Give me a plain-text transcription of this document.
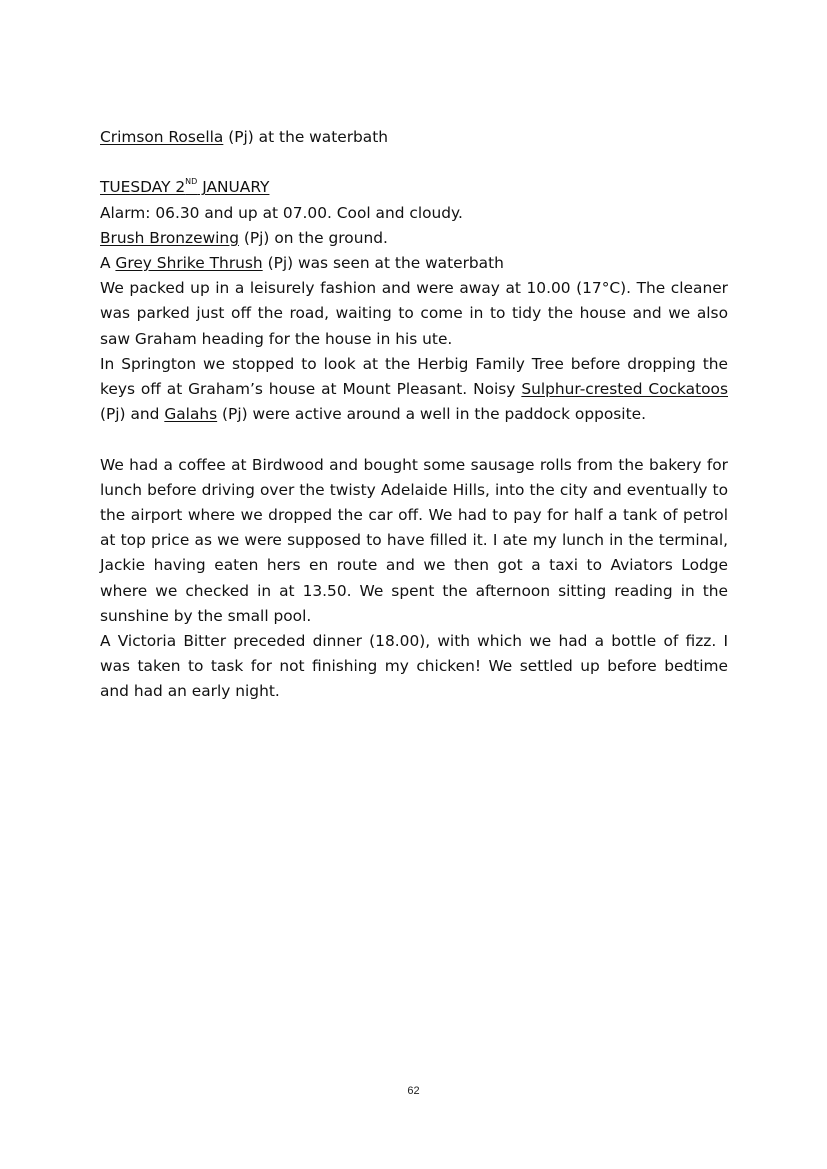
Crimson Rosella (Pj) at the waterbath
TUESDAY 2ND JANUARY
Alarm: 06.30 and up at 07.00. Cool and cloudy.
Brush Bronzewing (Pj) on the ground.
A Grey Shrike Thrush (Pj) was seen at the waterbath
We packed up in a leisurely fashion and were away at 10.00 (17°C). The cleaner was parked just off the road, waiting to come in to tidy the house and we also saw Graham heading for the house in his ute.
In Springton we stopped to look at the Herbig Family Tree before dropping the keys off at Graham’s house at Mount Pleasant. Noisy Sulphur-crested Cockatoos (Pj) and Galahs (Pj) were active around a well in the paddock opposite.
We had a coffee at Birdwood and bought some sausage rolls from the bakery for lunch before driving over the twisty Adelaide Hills, into the city and eventually to the airport where we dropped the car off. We had to pay for half a tank of petrol at top price as we were supposed to have filled it. I ate my lunch in the terminal, Jackie having eaten hers en route and we then got a taxi to Aviators Lodge where we checked in at 13.50. We spent the afternoon sitting reading in the sunshine by the small pool.
A Victoria Bitter preceded dinner (18.00), with which we had a bottle of fizz. I was taken to task for not finishing my chicken! We settled up before bedtime and had an early night.
62
